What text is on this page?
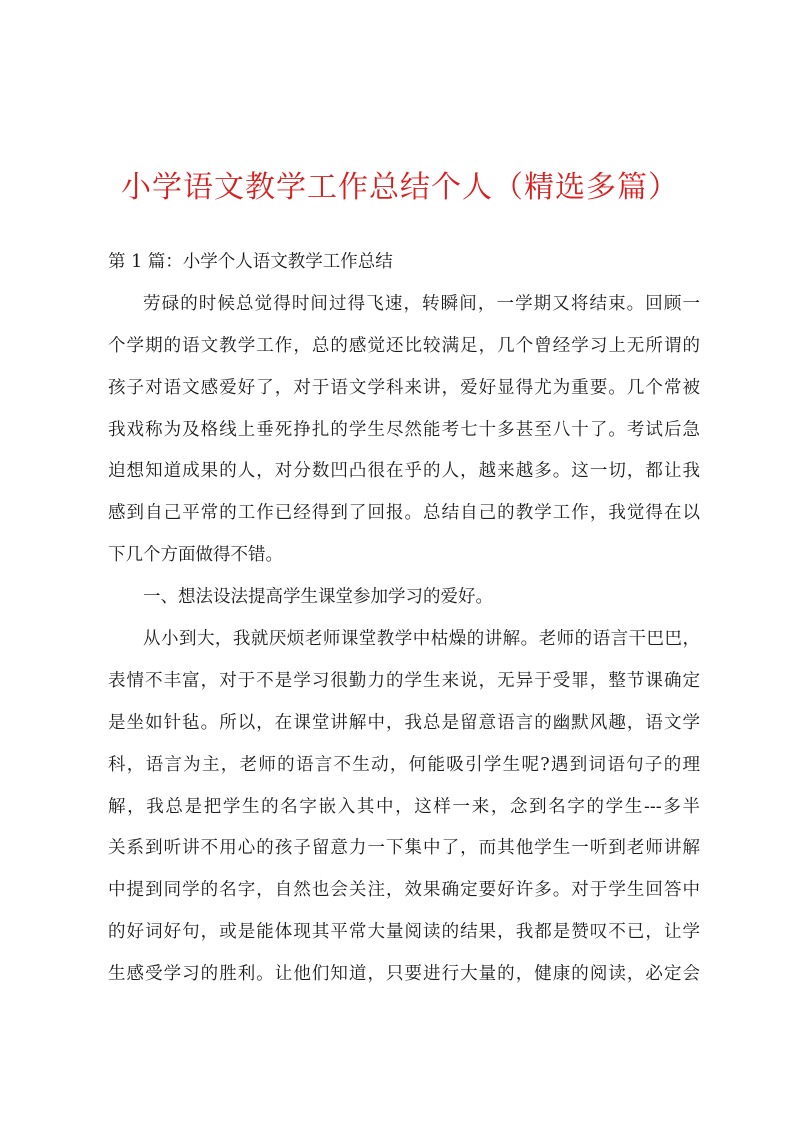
小学语文教学工作总结个人（精选多篇）
第 1 篇：小学个人语文教学工作总结
劳碌的时候总觉得时间过得飞速，转瞬间，一学期又将结束。回顾一
个学期的语文教学工作，总的感觉还比较满足，几个曾经学习上无所谓的
孩子对语文感爱好了，对于语文学科来讲，爱好显得尤为重要。几个常被
我戏称为及格线上垂死挣扎的学生尽然能考七十多甚至八十了。考试后急
迫想知道成果的人，对分数凹凸很在乎的人，越来越多。这一切，都让我
感到自己平常的工作已经得到了回报。总结自己的教学工作，我觉得在以
下几个方面做得不错。
一、想法设法提高学生课堂参加学习的爱好。
从小到大，我就厌烦老师课堂教学中枯燥的讲解。老师的语言干巴巴，
表情不丰富，对于不是学习很勤力的学生来说，无异于受罪，整节课确定
是坐如针毡。所以，在课堂讲解中，我总是留意语言的幽默风趣，语文学
科，语言为主，老师的语言不生动，何能吸引学生呢?遇到词语句子的理
解，我总是把学生的名字嵌入其中，这样一来，念到名字的学生---多半
关系到听讲不用心的孩子留意力一下集中了，而其他学生一听到老师讲解
中提到同学的名字，自然也会关注，效果确定要好许多。对于学生回答中
的好词好句，或是能体现其平常大量阅读的结果，我都是赞叹不已，让学
生感受学习的胜利。让他们知道，只要进行大量的，健康的阅读，必定会
